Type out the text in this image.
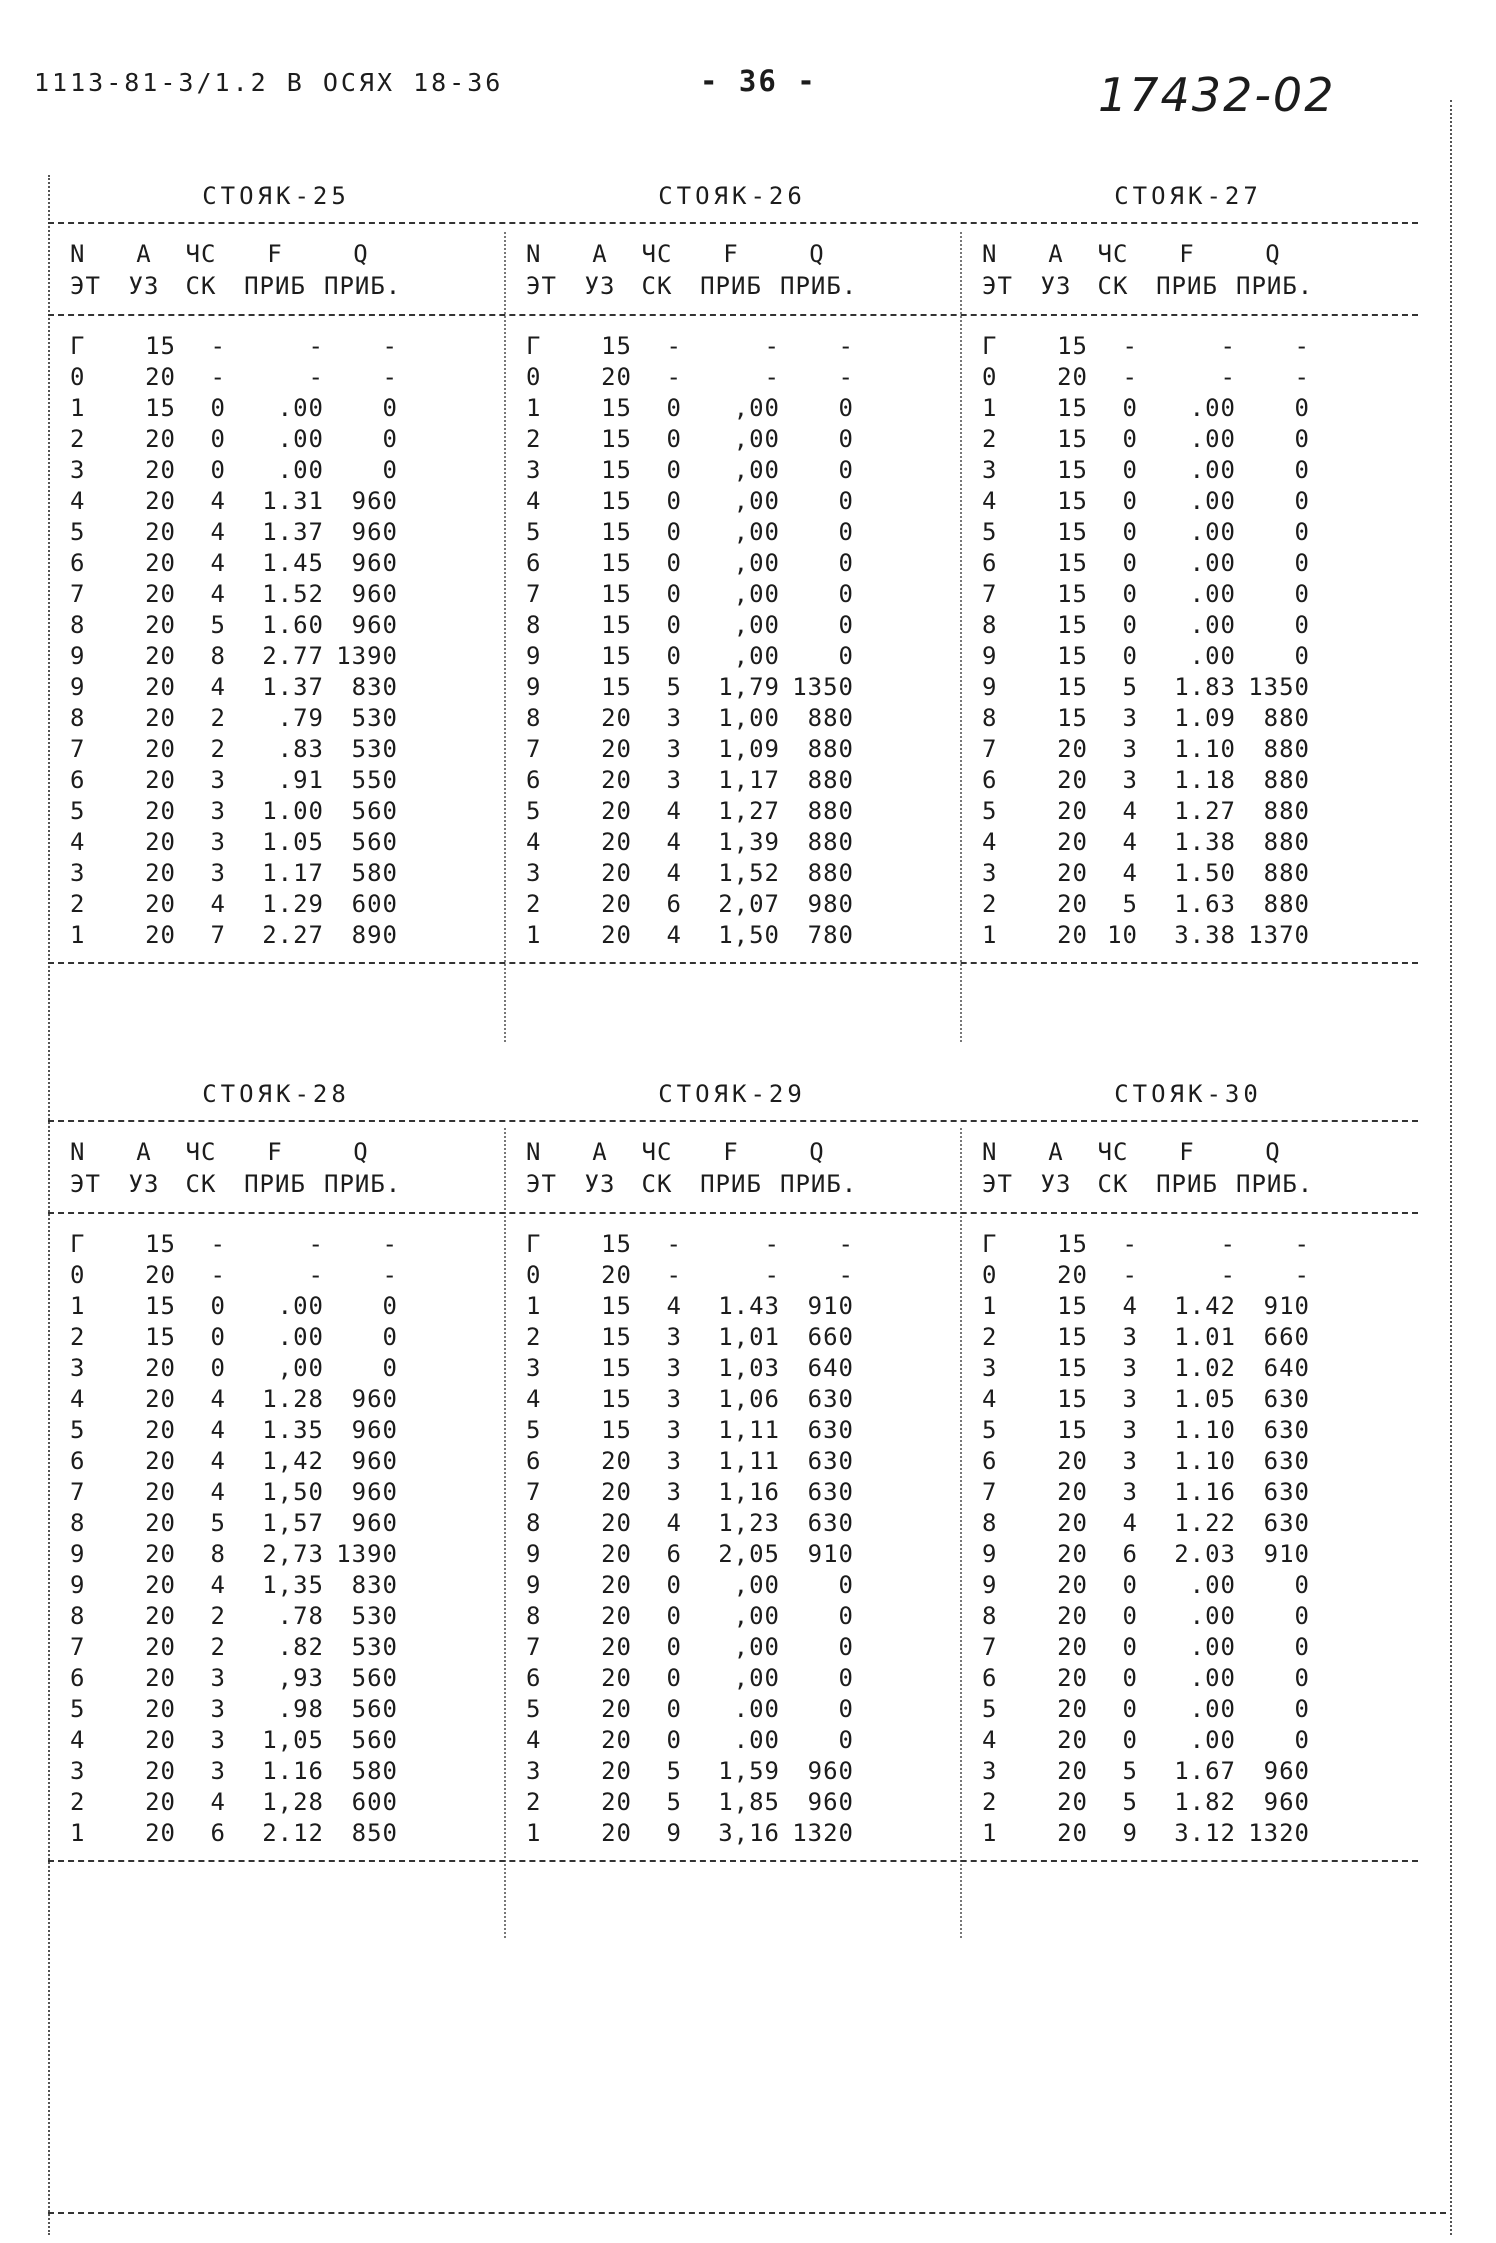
1113-81-3/1.2 В ОСЯХ 18-36	- 36 -	17432-02
СТОЯК-25	СТОЯК-26	СТОЯК-27
N	А	ЧС	F	Q	N	А	ЧС	F	Q	N	А	ЧС	F	Q
ЭТ	УЗ	СК	ПРИБ ПРИБ.	ЭТ	УЗ	СК	ПРИБ ПРИБ.	ЭТ	УЗ	СК	ПРИБ ПРИБ.
Г	15	-	-	-	Г	15	-	-	-	Г	15	-	-	-
0	20	-	-	-	0	20	-	-	-	0	20	-	-	-
1	15	0	.00	0	1	15	0	,00	0	1	15	0	.00	0
2	20	0	.00	0	2	15	0	,00	0	2	15	0	.00	0
3	20	0	.00	0	3	15	0	,00	0	3	15	0	.00	0
4	20	4	1.31	960	4	15	0	,00	0	4	15	0	.00	0
5	20	4	1.37	960	5	15	0	,00	0	5	15	0	.00	0
6	20	4	1.45	960	6	15	0	,00	0	6	15	0	.00	0
7	20	4	1.52	960	7	15	0	,00	0	7	15	0	.00	0
8	20	5	1.60	960	8	15	0	,00	0	8	15	0	.00	0
9	20	8	2.77 1390	9	15	0	,00	0	9	15	0	.00	0
9	20	4	1.37	830	9	15	5	1,79 1350	9	15	5	1.83 1350
8	20	2	.79	530	8	20	3	1,00	880	8	15	3	1.09	880
7	20	2	.83	530	7	20	3	1,09	880	7	20	3	1.10	880
6	20	3	.91	550	6	20	3	1,17	880	6	20	3	1.18	880
5	20	3	1.00	560	5	20	4	1,27	880	5	20	4	1.27	880
4	20	3	1.05	560	4	20	4	1,39	880	4	20	4	1.38	880
3	20	3	1.17	580	3	20	4	1,52	880	3	20	4	1.50	880
2	20	4	1.29	600	2	20	6	2,07	980	2	20	5	1.63	880
1	20	7	2.27	890	1	20	4	1,50	780	1	20 10	3.38 1370
СТОЯК-28	СТОЯК-29	СТОЯК-30
N	А	ЧС	F	Q	N	А	ЧС	F	Q	N	А	ЧС	F	Q
ЭТ	УЗ	СК	ПРИБ ПРИБ.	ЭТ	УЗ	СК	ПРИБ ПРИБ.	ЭТ	УЗ	СК	ПРИБ ПРИБ.
Г	15	-	-	-	Г	15	-	-	-	Г	15	-	-	-
0	20	-	-	-	0	20	-	-	-	0	20	-	-	-
1	15	0	.00	0	1	15	4	1.43	910	1	15	4	1.42	910
2	15	0	.00	0	2	15	3	1,01	660	2	15	3	1.01	660
3	20	0	,00	0	3	15	3	1,03	640	3	15	3	1.02	640
4	20	4	1.28	960	4	15	3	1,06	630	4	15	3	1.05	630
5	20	4	1.35	960	5	15	3	1,11	630	5	15	3	1.10	630
6	20	4	1,42	960	6	20	3	1,11	630	6	20	3	1.10	630
7	20	4	1,50	960	7	20	3	1,16	630	7	20	3	1.16	630
8	20	5	1,57	960	8	20	4	1,23	630	8	20	4	1.22	630
9	20	8	2,73 1390	9	20	6	2,05	910	9	20	6	2.03	910
9	20	4	1,35	830	9	20	0	,00	0	9	20	0	.00	0
8	20	2	.78	530	8	20	0	,00	0	8	20	0	.00	0
7	20	2	.82	530	7	20	0	,00	0	7	20	0	.00	0
6	20	3	,93	560	6	20	0	,00	0	6	20	0	.00	0
5	20	3	.98	560	5	20	0	.00	0	5	20	0	.00	0
4	20	3	1,05	560	4	20	0	.00	0	4	20	0	.00	0
3	20	3	1.16	580	3	20	5	1,59	960	3	20	5	1.67	960
2	20	4	1,28	600	2	20	5	1,85	960	2	20	5	1.82	960
1	20	6	2.12	850	1	20	9	3,16 1320	1	20	9	3.12 1320
